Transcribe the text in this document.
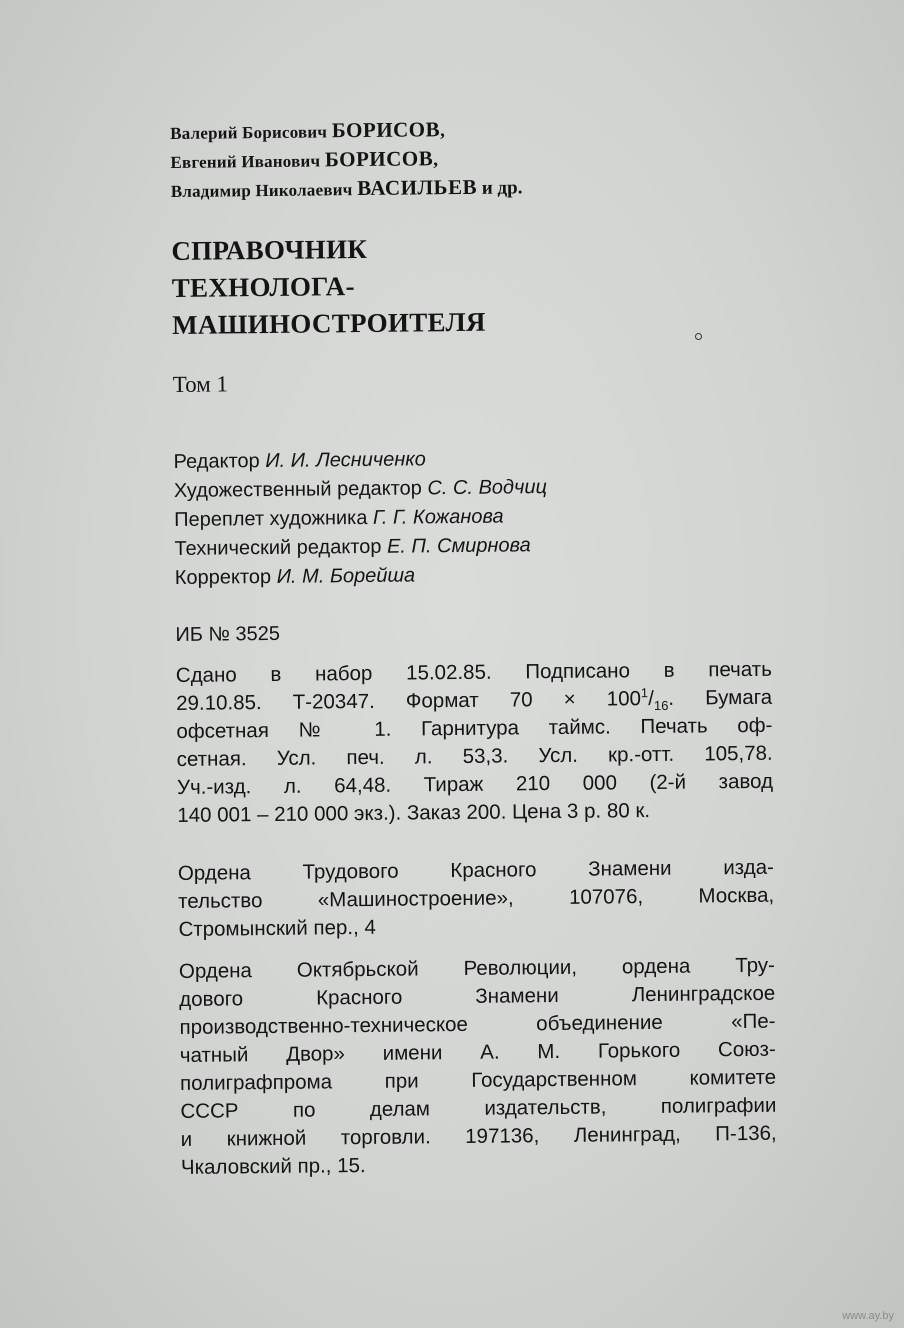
Валерий Борисович БОРИСОВ,
Евгений Иванович БОРИСОВ,
Владимир Николаевич ВАСИЛЬЕВ и др.
СПРАВОЧНИК
ТЕХНОЛОГА-
МАШИНОСТРОИТЕЛЯ
Том 1
Редактор И. И. Лесниченко
Художественный редактор С. С. Водчиц
Переплет художника Г. Г. Кожанова
Технический редактор Е. П. Смирнова
Корректор И. М. Борейша
ИБ № 3525
Сдано в набор 15.02.85. Подписано в печать
29.10.85. Т-20347. Формат $70 \times 100^1/_{16}$. Бумага
офсетная № 1. Гарнитура таймс. Печать оф-
сетная. Усл. печ. л. 53,3. Усл. кр.-отт. 105,78.
Уч.-изд. л. 64,48. Тираж 210 000 (2-й завод
140 001 – 210 000 экз.). Заказ 200. Цена 3 р. 80 к.
Ордена Трудового Красного Знамени изда-
тельство «Машиностроение», 107076, Москва,
Стромынский пер., 4
Ордена Октябрьской Революции, ордена Тру-
дового Красного Знамени Ленинградское
производственно-техническое объединение «Пе-
чатный Двор» имени А. М. Горького Союз-
полиграфпрома при Государственном комитете
СССР по делам издательств, полиграфии
и книжной торговли. 197136, Ленинград, П-136,
Чкаловский пр., 15.
www.ay.by
